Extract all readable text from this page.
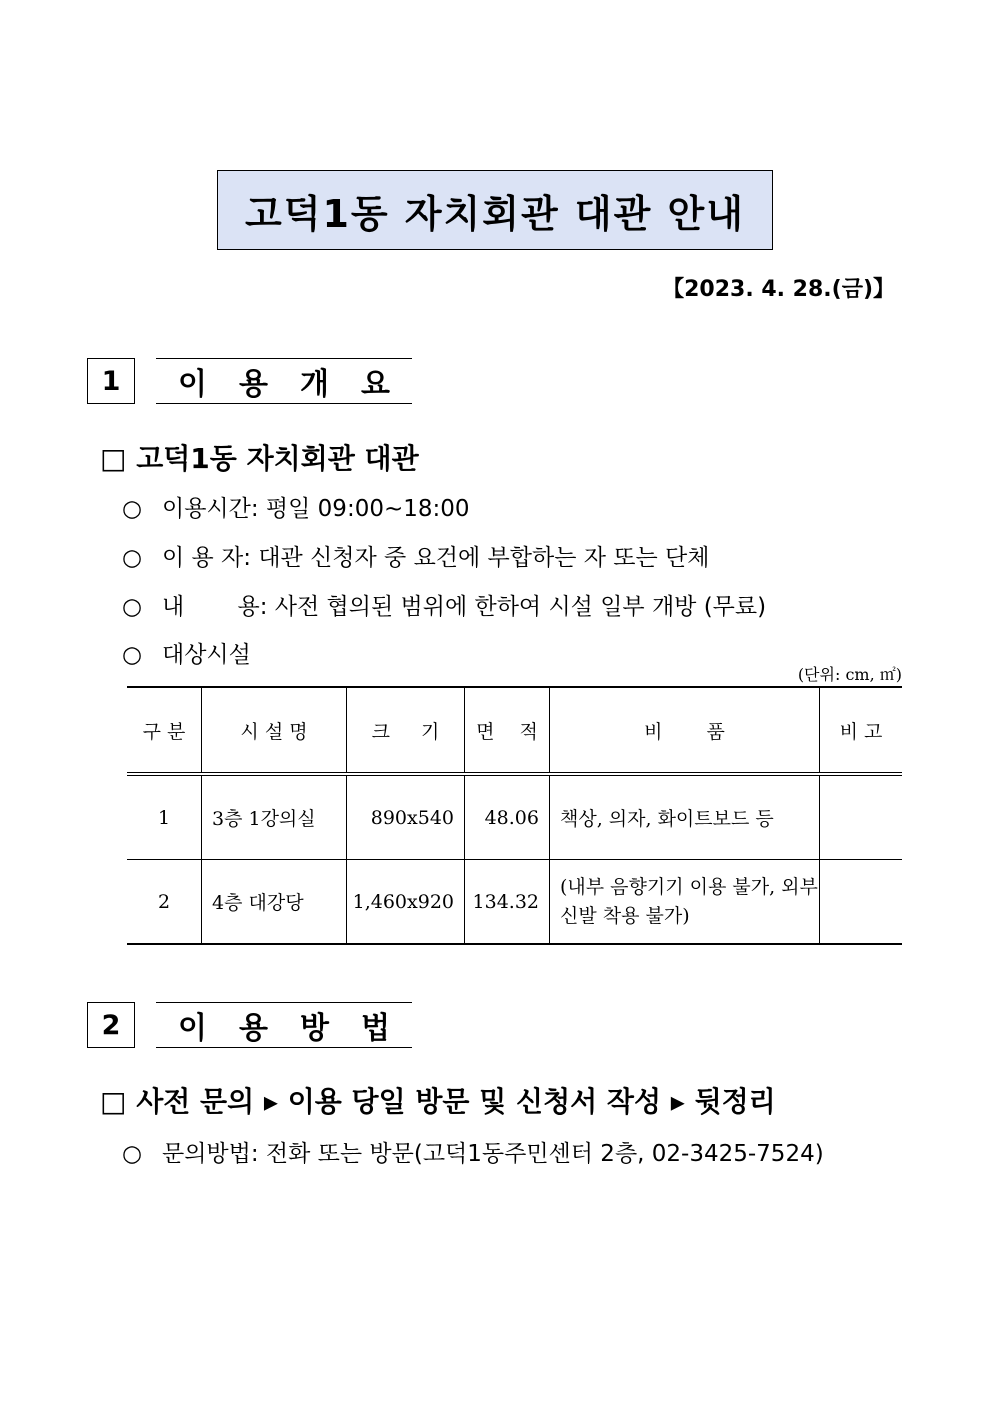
고덕1동 자치회관 대관 안내
【2023. 4. 28.(금)】
1	이 용 개 요
□ 고덕1동 자치회관 대관
○ 이용시간: 평일 09:00~18:00
○ 이 용 자: 대관 신청자 중 요건에 부합하는 자 또는 단체
○ 내 　　용: 사전 협의된 범위에 한하여 시설 일부 개방 (무료)
○ 대상시설
(단위: cm, ㎡)
구 분	시 설 명	크 　 기	면 　적	비 　　품	비 고
1	3층 1강의실	890x540	48.06	책상, 의자, 화이트보드 등	
2	4층 대강당	1,460x920	134.32	(내부 음향기기 이용 불가, 외부 신발 착용 불가)	
2	이 용 방 법
□ 사전 문의 ▸ 이용 당일 방문 및 신청서 작성 ▸ 뒷정리
○ 문의방법: 전화 또는 방문(고덕1동주민센터 2층, 02-3425-7524)
